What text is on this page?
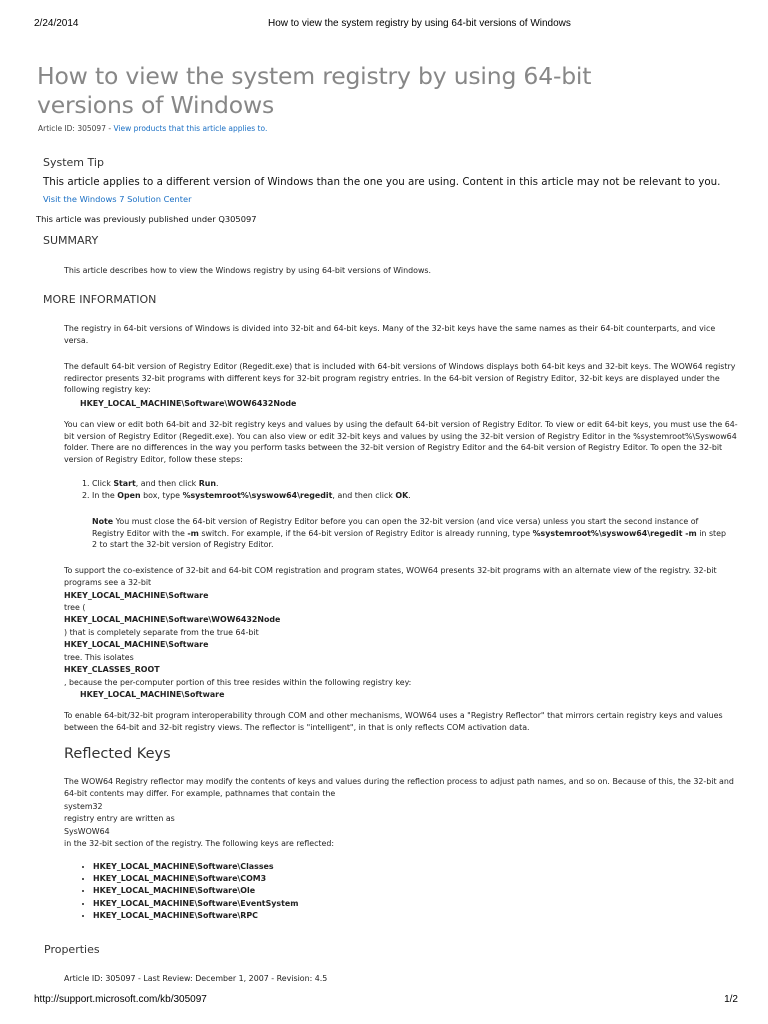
2/24/2014	How to view the system registry by using 64-bit versions of Windows
How to view the system registry by using 64-bit versions of Windows
Article ID: 305097 - View products that this article applies to.
System Tip
This article applies to a different version of Windows than the one you are using. Content in this article may not be relevant to you.
Visit the Windows 7 Solution Center
This article was previously published under Q305097
SUMMARY
This article describes how to view the Windows registry by using 64-bit versions of Windows.
MORE INFORMATION
The registry in 64-bit versions of Windows is divided into 32-bit and 64-bit keys. Many of the 32-bit keys have the same names as their 64-bit counterparts, and vice versa.
The default 64-bit version of Registry Editor (Regedit.exe) that is included with 64-bit versions of Windows displays both 64-bit keys and 32-bit keys. The WOW64 registry redirector presents 32-bit programs with different keys for 32-bit program registry entries. In the 64-bit version of Registry Editor, 32-bit keys are displayed under the following registry key:
HKEY_LOCAL_MACHINE\Software\WOW6432Node
You can view or edit both 64-bit and 32-bit registry keys and values by using the default 64-bit version of Registry Editor. To view or edit 64-bit keys, you must use the 64-bit version of Registry Editor (Regedit.exe). You can also view or edit 32-bit keys and values by using the 32-bit version of Registry Editor in the %systemroot%\Syswow64 folder. There are no differences in the way you perform tasks between the 32-bit version of Registry Editor and the 64-bit version of Registry Editor. To open the 32-bit version of Registry Editor, follow these steps:
1. Click Start, and then click Run.
2. In the Open box, type %systemroot%\syswow64\regedit, and then click OK.
Note You must close the 64-bit version of Registry Editor before you can open the 32-bit version (and vice versa) unless you start the second instance of Registry Editor with the -m switch. For example, if the 64-bit version of Registry Editor is already running, type %systemroot%\syswow64\regedit -m in step 2 to start the 32-bit version of Registry Editor.
To support the co-existence of 32-bit and 64-bit COM registration and program states, WOW64 presents 32-bit programs with an alternate view of the registry. 32-bit programs see a 32-bit
HKEY_LOCAL_MACHINE\Software
tree (
HKEY_LOCAL_MACHINE\Software\WOW6432Node
) that is completely separate from the true 64-bit
HKEY_LOCAL_MACHINE\Software
tree. This isolates
HKEY_CLASSES_ROOT
, because the per-computer portion of this tree resides within the following registry key:
HKEY_LOCAL_MACHINE\Software
To enable 64-bit/32-bit program interoperability through COM and other mechanisms, WOW64 uses a "Registry Reflector" that mirrors certain registry keys and values between the 64-bit and 32-bit registry views. The reflector is "intelligent", in that is only reflects COM activation data.
Reflected Keys
The WOW64 Registry reflector may modify the contents of keys and values during the reflection process to adjust path names, and so on. Because of this, the 32-bit and 64-bit contents may differ. For example, pathnames that contain the
system32
registry entry are written as
SysWOW64
in the 32-bit section of the registry. The following keys are reflected:
• HKEY_LOCAL_MACHINE\Software\Classes
• HKEY_LOCAL_MACHINE\Software\COM3
• HKEY_LOCAL_MACHINE\Software\Ole
• HKEY_LOCAL_MACHINE\Software\EventSystem
• HKEY_LOCAL_MACHINE\Software\RPC
Properties
Article ID: 305097 - Last Review: December 1, 2007 - Revision: 4.5
http://support.microsoft.com/kb/305097	1/2
